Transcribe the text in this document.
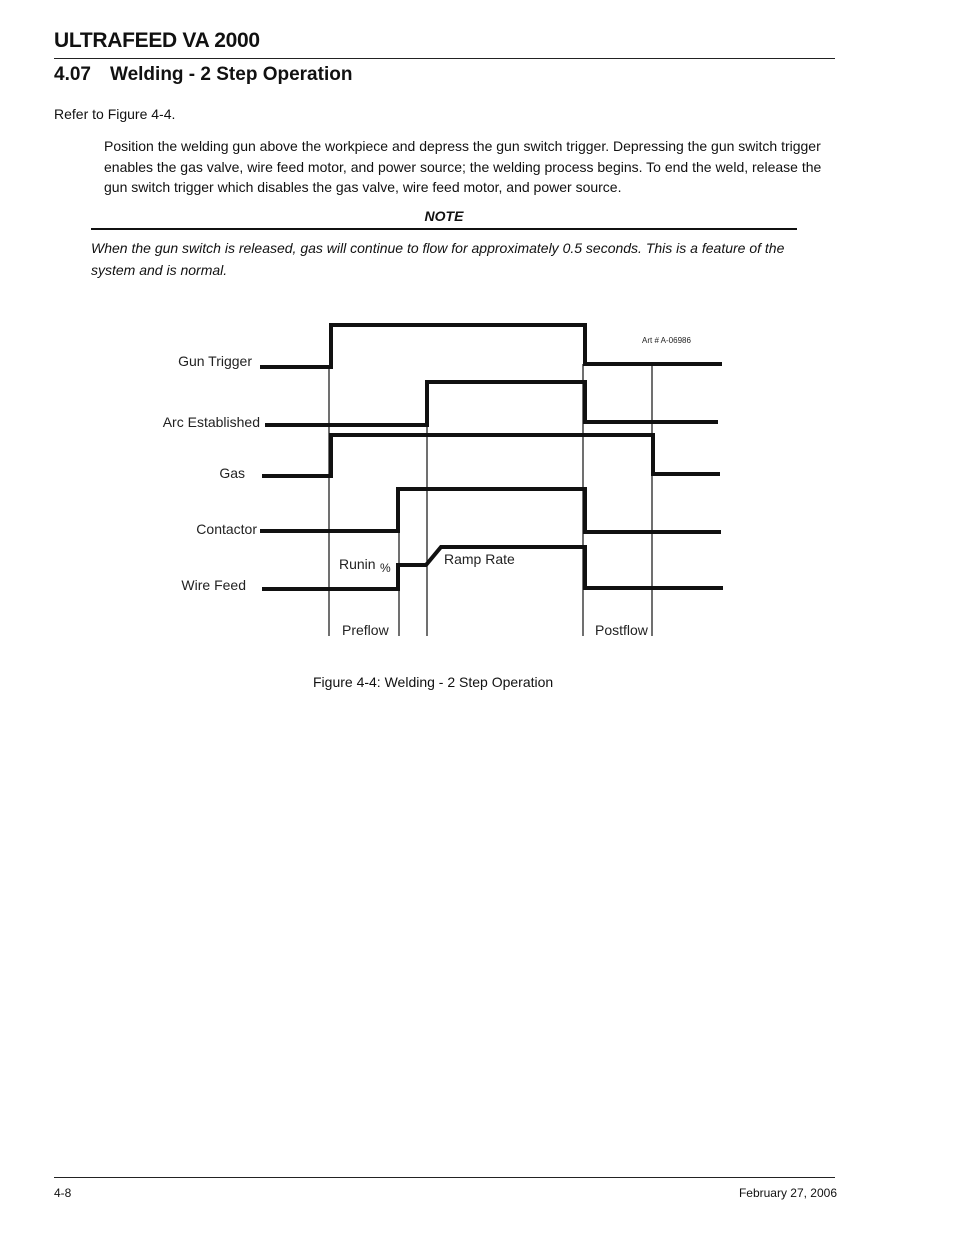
ULTRAFEED VA 2000
4.07 Welding - 2 Step Operation
Refer to Figure 4-4.
Position the welding gun above the workpiece and depress the gun switch trigger. Depressing the gun switch trigger enables the gas valve, wire feed motor, and power source; the welding process begins. To end the weld, release the gun switch trigger which disables the gas valve, wire feed motor, and power source.
NOTE
When the gun switch is released, gas will continue to flow for approximately 0.5 seconds. This is a feature of the system and is normal.
Gun Trigger
Arc Established
Gas
Contactor
Wire Feed
Runin %
Ramp Rate
Preflow	Postflow
Art # A-06986
Figure 4-4: Welding - 2 Step Operation
4-8	February 27, 2006
